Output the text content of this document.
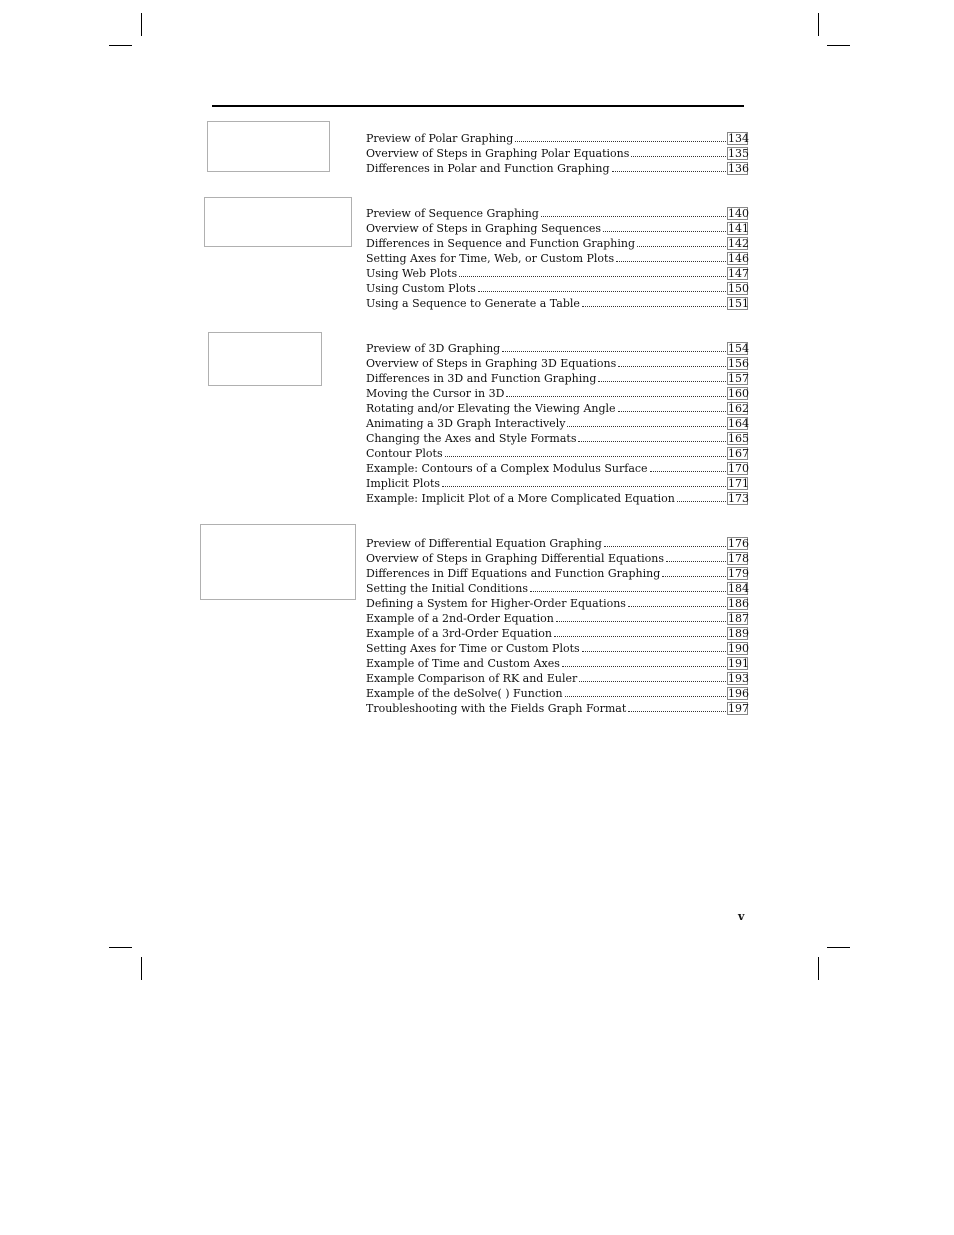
Preview of Polar Graphing	134
Overview of Steps in Graphing Polar Equations	135
Differences in Polar and Function Graphing	136
Preview of Sequence Graphing	140
Overview of Steps in Graphing Sequences	141
Differences in Sequence and Function Graphing	142
Setting Axes for Time, Web, or Custom Plots	146
Using Web Plots	147
Using Custom Plots	150
Using a Sequence to Generate a Table	151
Preview of 3D Graphing	154
Overview of Steps in Graphing 3D Equations	156
Differences in 3D and Function Graphing	157
Moving the Cursor in 3D	160
Rotating and/or Elevating the Viewing Angle	162
Animating a 3D Graph Interactively	164
Changing the Axes and Style Formats	165
Contour Plots	167
Example: Contours of a Complex Modulus Surface	170
Implicit Plots	171
Example: Implicit Plot of a More Complicated Equation	173
Preview of Differential Equation Graphing	176
Overview of Steps in Graphing Differential Equations	178
Differences in Diff Equations and Function Graphing	179
Setting the Initial Conditions	184
Defining a System for Higher-Order Equations	186
Example of a 2nd-Order Equation	187
Example of a 3rd-Order Equation	189
Setting Axes for Time or Custom Plots	190
Example of Time and Custom Axes	191
Example Comparison of RK and Euler	193
Example of the deSolve( ) Function	196
Troubleshooting with the Fields Graph Format	197
v
